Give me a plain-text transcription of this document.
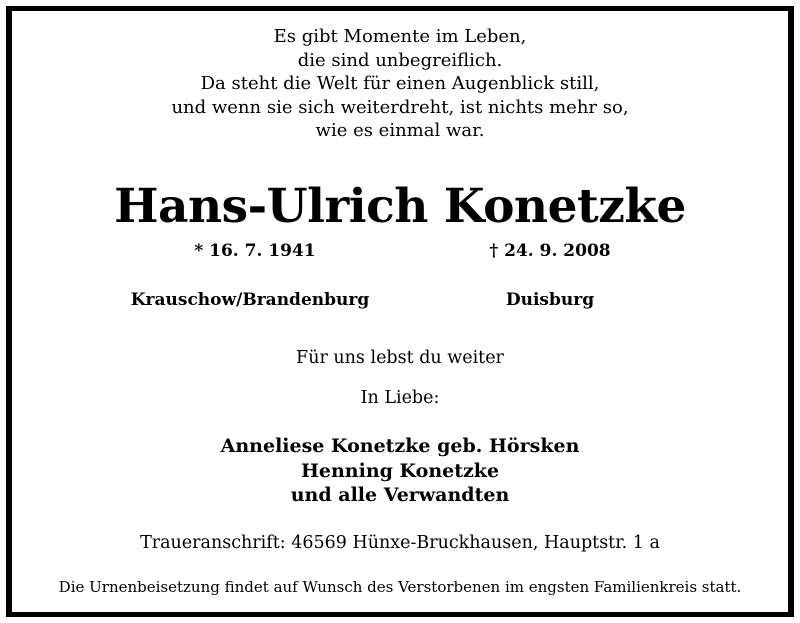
Es gibt Momente im Leben,
die sind unbegreiflich.
Da steht die Welt für einen Augenblick still,
und wenn sie sich weiterdreht, ist nichts mehr so,
wie es einmal war.
Hans-Ulrich Konetzke
* 16. 7. 1941	† 24. 9. 2008
Krauschow/Brandenburg	Duisburg
Für uns lebst du weiter
In Liebe:
Anneliese Konetzke geb. Hörsken
Henning Konetzke
und alle Verwandten
Traueranschrift: 46569 Hünxe-Bruckhausen, Hauptstr. 1 a
Die Urnenbeisetzung findet auf Wunsch des Verstorbenen im engsten Familienkreis statt.
